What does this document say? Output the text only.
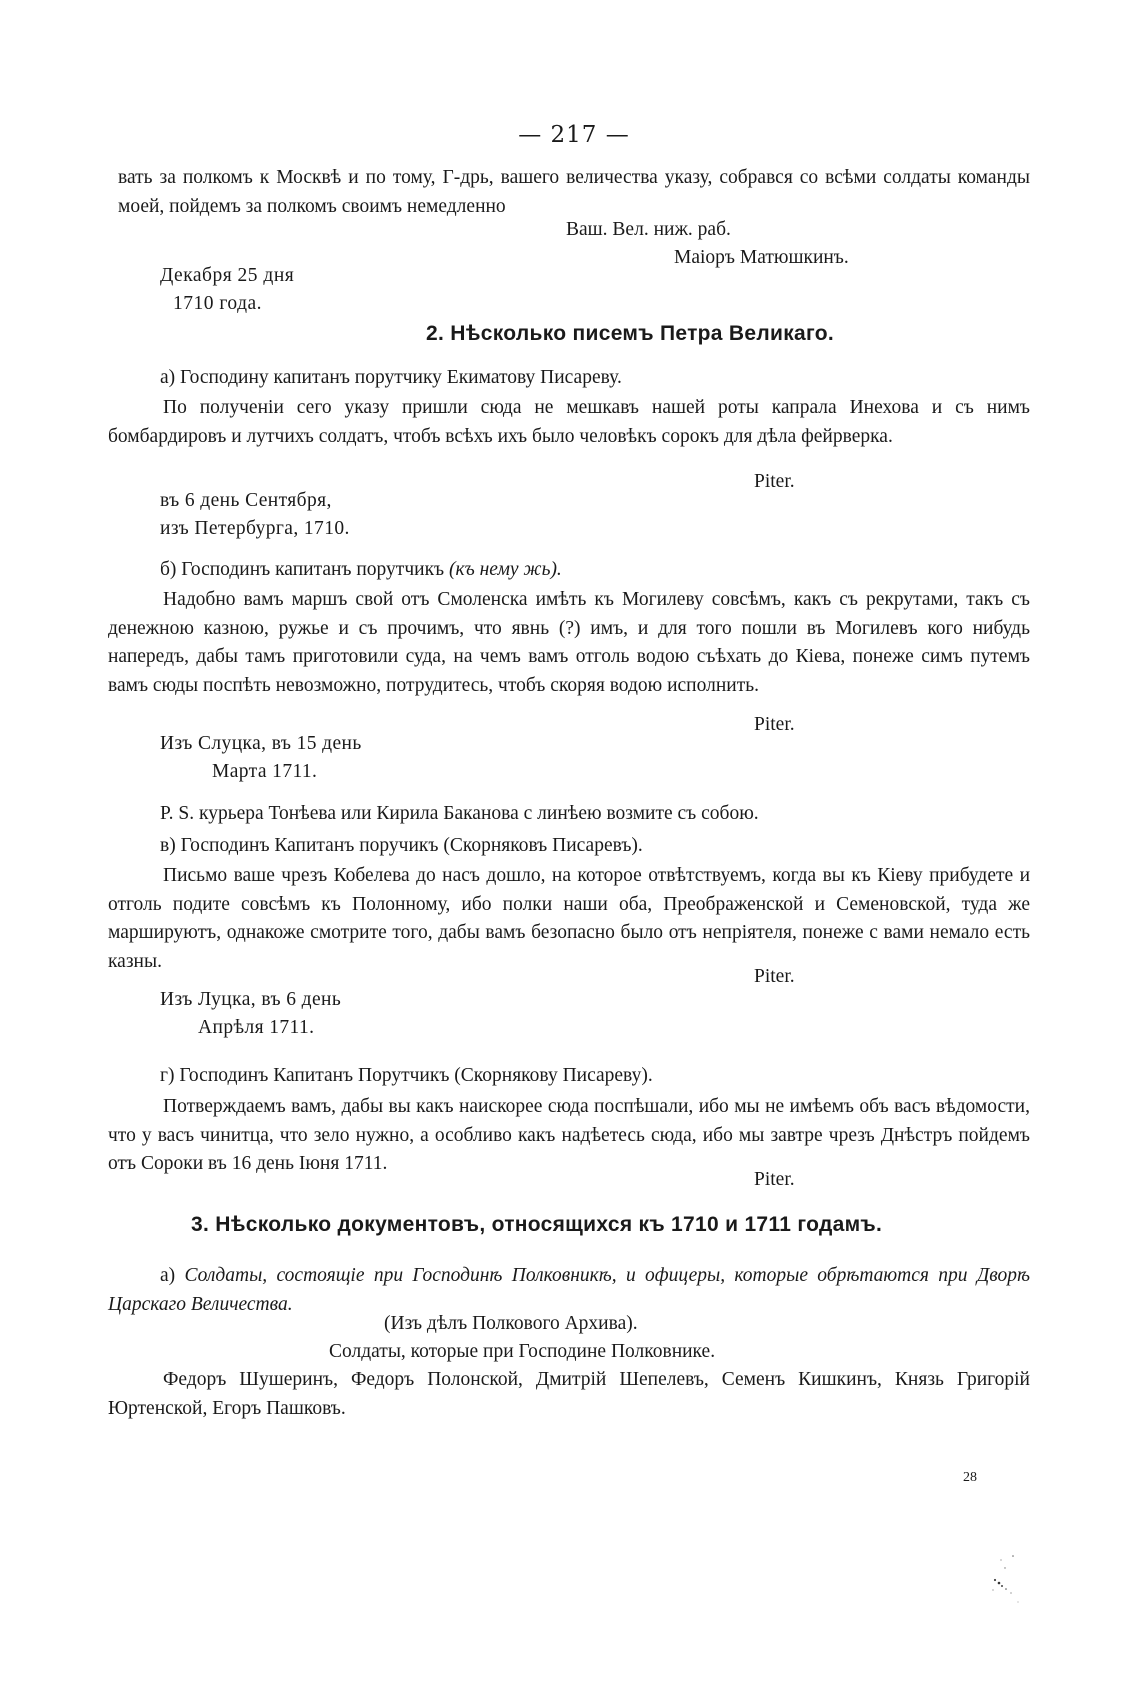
— 217 —
вать за полкомъ к Москвѣ и по тому, Г-дрь, вашего величества указу, собрався со всѣми солдаты команды моей, пойдемъ за полкомъ своимъ немедленно
Ваш. Вел. ниж. раб.
Маіоръ Матюшкинъ.
Декабря 25 дня
1710 года.
2. Нѣсколько писемъ Петра Великаго.
а) Господину капитанъ порутчику Екиматову Писареву.
По полученіи сего указу пришли сюда не мешкавъ нашей роты капрала Инехова и съ нимъ бомбардировъ и лутчихъ солдатъ, чтобъ всѣхъ ихъ было человѣкъ сорокъ для дѣла фейрверка.
Piter.
въ 6 день Сентября,
изъ Петербурга, 1710.
б) Господинъ капитанъ порутчикъ (къ нему жь).
Надобно вамъ маршъ свой отъ Смоленска имѣть къ Могилеву совсѣмъ, какъ съ рекрутами, такъ съ денежною казною, ружье и съ прочимъ, что явнь (?) имъ, и для того пошли въ Могилевъ кого нибудь напередъ, дабы тамъ приготовили суда, на чемъ вамъ отголь водою съѣхать до Кіева, понеже симъ путемъ вамъ сюды поспѣть невозможно, потрудитесь, чтобъ скоряя водою исполнить.
Piter.
Изъ Слуцка, въ 15 день
Марта 1711.
P. S. курьера Тонѣева или Кирила Баканова с линѣею возмите съ собою.
в) Господинъ Капитанъ поручикъ (Скорняковъ Писаревъ).
Письмо ваше чрезъ Кобелева до насъ дошло, на которое отвѣтствуемъ, когда вы къ Кіеву прибудете и отголь подите совсѣмъ къ Полонному, ибо полки наши оба, Преображенской и Семеновской, туда же маршируютъ, однакоже смотрите того, дабы вамъ безопасно было отъ непріятеля, понеже с вами немало есть казны.
Piter.
Изъ Луцка, въ 6 день
Апрѣля 1711.
г) Господинъ Капитанъ Порутчикъ (Скорнякову Писареву).
Потверждаемъ вамъ, дабы вы какъ наискорее сюда поспѣшали, ибо мы не имѣемъ объ васъ вѣдомости, что у васъ чинитца, что зело нужно, а особливо какъ надѣетесь сюда, ибо мы завтре чрезъ Днѣстръ пойдемъ отъ Сороки въ 16 день Іюня 1711.
Piter.
3. Нѣсколько документовъ, относящихся къ 1710 и 1711 годамъ.
а) Солдаты, состоящіе при Господинѣ Полковникѣ, и офицеры, которые обрѣтаются при Дворѣ Царскаго Величества.
(Изъ дѣлъ Полкового Архива).
Солдаты, которые при Господине Полковнике.
Федоръ Шушеринъ, Федоръ Полонской, Дмитрій Шепелевъ, Семенъ Кишкинъ, Князь Григорій Юртенской, Егоръ Пашковъ.
28
